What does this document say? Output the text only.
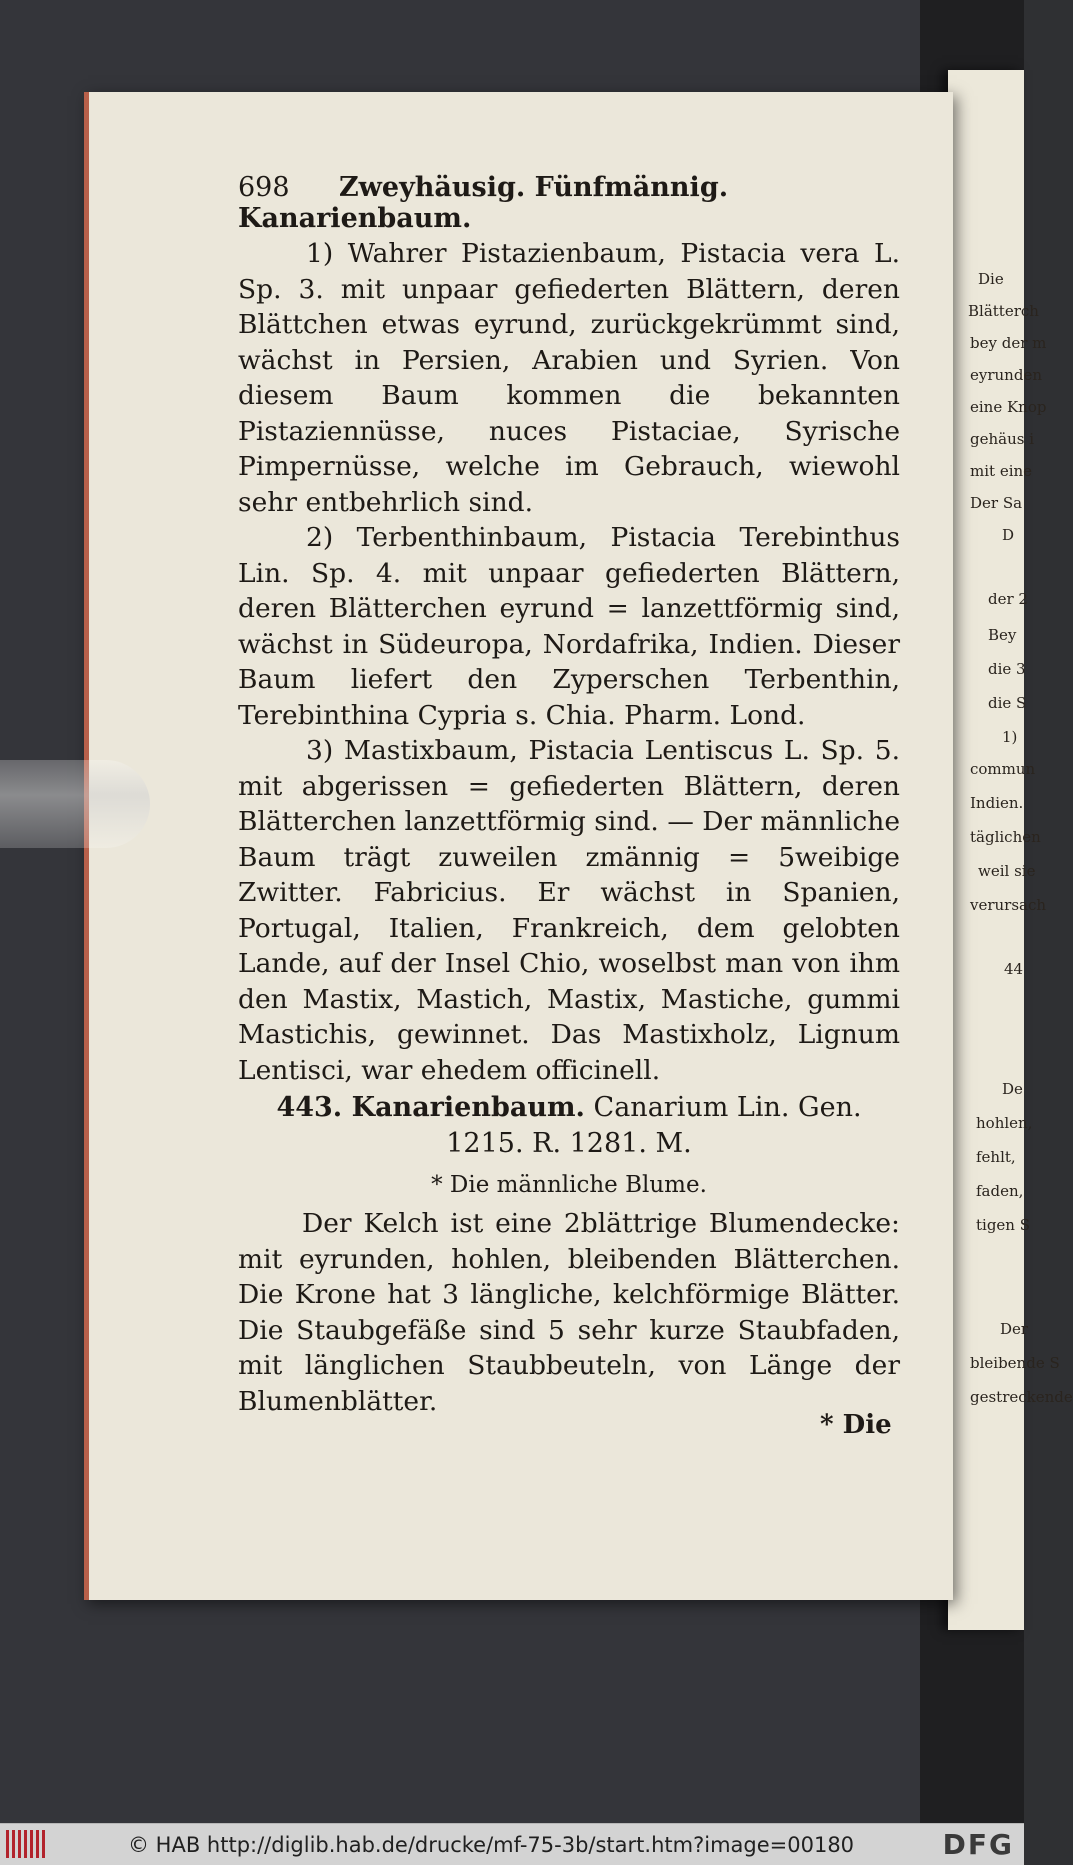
Die
Blätterch
bey der m
eyrunden
eine Knop
gehäus i
mit eine
Der Sa
D
der 2
Bey
die 3
die S
1)
commun
Indien.
täglichen
weil sie
verursach
44
De
hohlen,
fehlt,
faden,
tigen S
Der
bleibende S
gestreckende
698 Zweyhäusig. Fünfmännig. Kanarienbaum.

1) Wahrer Pistazienbaum, Pistacia vera L. Sp. 3. mit unpaar gefiederten Blättern, deren Blättchen etwas eyrund, zurückgekrümmt sind, wächst in Persien, Arabien und Syrien. Von diesem Baum kommen die bekannten Pistaziennüsse, nuces Pistaciae, Syrische Pimpernüsse, welche im Gebrauch, wiewohl sehr entbehrlich sind.

2) Terbenthinbaum, Pistacia Terebinthus Lin. Sp. 4. mit unpaar gefiederten Blättern, deren Blätterchen eyrund = lanzettförmig sind, wächst in Südeuropa, Nordafrika, Indien. Dieser Baum liefert den Zyperschen Terbenthin, Terebinthina Cypria s. Chia. Pharm. Lond.

3) Mastixbaum, Pistacia Lentiscus L. Sp. 5. mit abgerissen = gefiederten Blättern, deren Blätterchen lanzettförmig sind. — Der männliche Baum trägt zuweilen zmännig = 5weibige Zwitter. Fabricius. Er wächst in Spanien, Portugal, Italien, Frankreich, dem gelobten Lande, auf der Insel Chio, woselbst man von ihm den Mastix, Mastich, Mastix, Mastiche, gummi Mastichis, gewinnet. Das Mastixholz, Lignum Lentisci, war ehedem officinell.

443. Kanarienbaum. Canarium Lin. Gen.
1215. R. 1281. M.
* Die männliche Blume.

Der Kelch ist eine 2blättrige Blumendecke: mit eyrunden, hohlen, bleibenden Blätterchen. Die Krone hat 3 längliche, kelchförmige Blätter. Die Staubgefäße sind 5 sehr kurze Staubfaden, mit länglichen Staubbeuteln, von Länge der Blumenblätter.

* Die
© HAB http://diglib.hab.de/drucke/mf-75-3b/start.htm?image=00180	DFG
